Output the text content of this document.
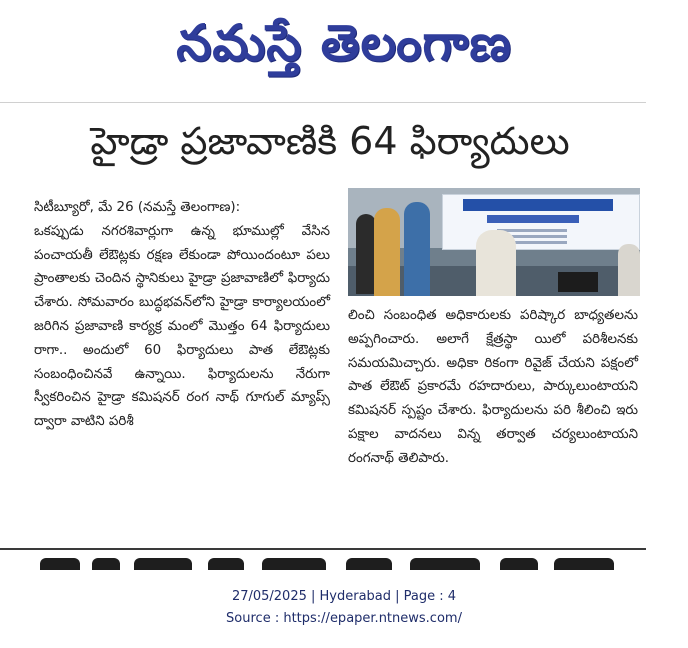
నమస్తే తెలంగాణ
హైడ్రా ప్రజావాణికి 64 ఫిర్యాదులు

సిటీబ్యూరో, మే 26 (నమస్తే తెలంగాణ):

ఒకప్పుడు నగరశివార్లుగా ఉన్న భూముల్లో వేసిన పంచాయతీ లేఔట్లకు రక్షణ లేకుండా పోయిందంటూ పలు ప్రాంతాలకు చెందిన స్థానికులు హైడ్రా ప్రజావాణిలో ఫిర్యాదు చేశారు. సోమవారం బుద్ధభవన్‌లోని హైడ్రా కార్యాలయంలో జరిగిన ప్రజావాణి కార్యక్ర మంలో మొత్తం 64 ఫిర్యాదులు రాగా.. అందులో 60 ఫిర్యాదులు పాత లేఔట్లకు సంబంధించినవే ఉన్నాయి. ఫిర్యాదులను నేరుగా స్వీకరించిన హైడ్రా కమిషనర్ రంగ నాథ్ గూగుల్ మ్యాప్స్ ద్వారా వాటిని పరిశీ

లించి సంబంధిత అధికారులకు పరిష్కార బాధ్యతలను అప్పగించారు. అలాగే క్షేత్రస్థా యిలో పరిశీలనకు సమయమిచ్చారు. అధికా రికంగా రివైజ్ చేయని పక్షంలో పాత లేఔట్ ప్రకారమే రహదారులు, పార్కులుంటాయని కమిషనర్ స్పష్టం చేశారు. ఫిర్యాదులను పరి శీలించి ఇరు పక్షాల వాదనలు విన్న తర్వాత చర్యలుంటాయని రంగనాథ్ తెలిపారు.

27/05/2025 | Hyderabad | Page : 4
Source : https://epaper.ntnews.com/
